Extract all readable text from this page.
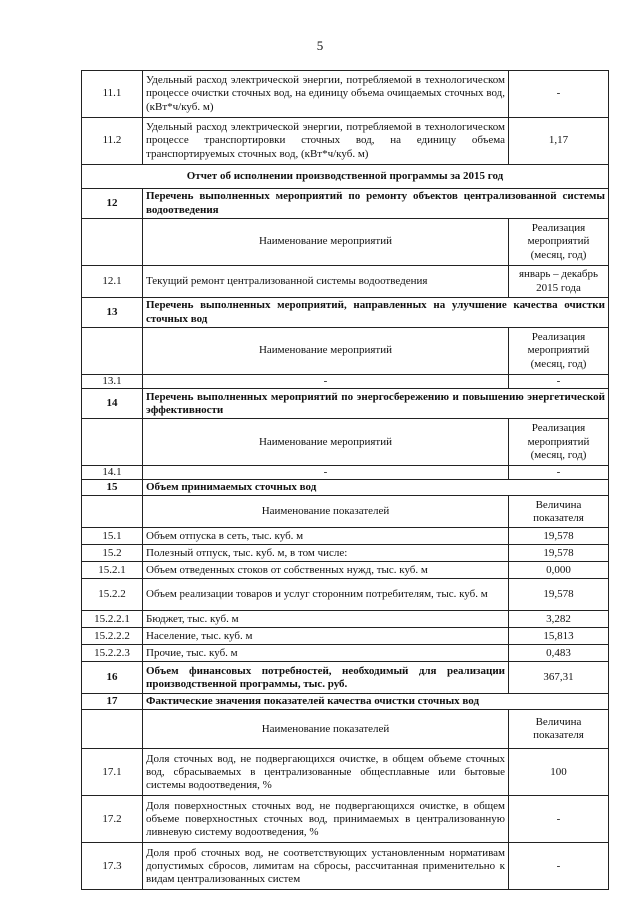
5
11.1	Удельный расход электрической энергии, потребляемой в технологическом процессе очистки сточных вод, на единицу объема очищаемых сточных вод, (кВт*ч/куб. м)	-
11.2	Удельный расход электрической энергии, потребляемой в технологическом процессе транспортировки сточных вод, на единицу объема транспортируемых сточных вод, (кВт*ч/куб. м)	1,17
Отчет об исполнении производственной программы за 2015 год		
12	Перечень выполненных мероприятий по ремонту объектов централизованной системы водоотведения	
	Наименование мероприятий	Реализация мероприятий (месяц, год)
12.1	Текущий ремонт централизованной системы водоотведения	январь – декабрь 2015 года
13	Перечень выполненных мероприятий, направленных на улучшение качества очистки сточных вод	
	Наименование мероприятий	Реализация мероприятий (месяц, год)
13.1	-	-
14	Перечень выполненных мероприятий по энергосбережению и повышению энергетической эффективности	
	Наименование мероприятий	Реализация мероприятий (месяц, год)
14.1	-	-
15	Объем принимаемых сточных вод	
	Наименование показателей	Величина показателя
15.1	Объем отпуска в сеть, тыс. куб. м	19,578
15.2	Полезный отпуск, тыс. куб. м, в том числе:	19,578
15.2.1	Объем отведенных стоков от собственных нужд, тыс. куб. м	0,000
15.2.2	Объем реализации товаров и услуг сторонним потребителям, тыс. куб. м	19,578
15.2.2.1	Бюджет, тыс. куб. м	3,282
15.2.2.2	Население, тыс. куб. м	15,813
15.2.2.3	Прочие, тыс. куб. м	0,483
16	Объем финансовых потребностей, необходимый для реализации производственной программы, тыс. руб.	367,31
17	Фактические значения показателей качества очистки сточных вод	
	Наименование показателей	Величина показателя
17.1	Доля сточных вод, не подвергающихся очистке, в общем объеме сточных вод, сбрасываемых в централизованные общесплавные или бытовые системы водоотведения, %	100
17.2	Доля поверхностных сточных вод, не подвергающихся очистке, в общем объеме поверхностных сточных вод, принимаемых в централизованную ливневую систему водоотведения, %	-
17.3	Доля проб сточных вод, не соответствующих установленным нормативам допустимых сбросов, лимитам на сбросы, рассчитанная применительно к видам централизованных систем	-
